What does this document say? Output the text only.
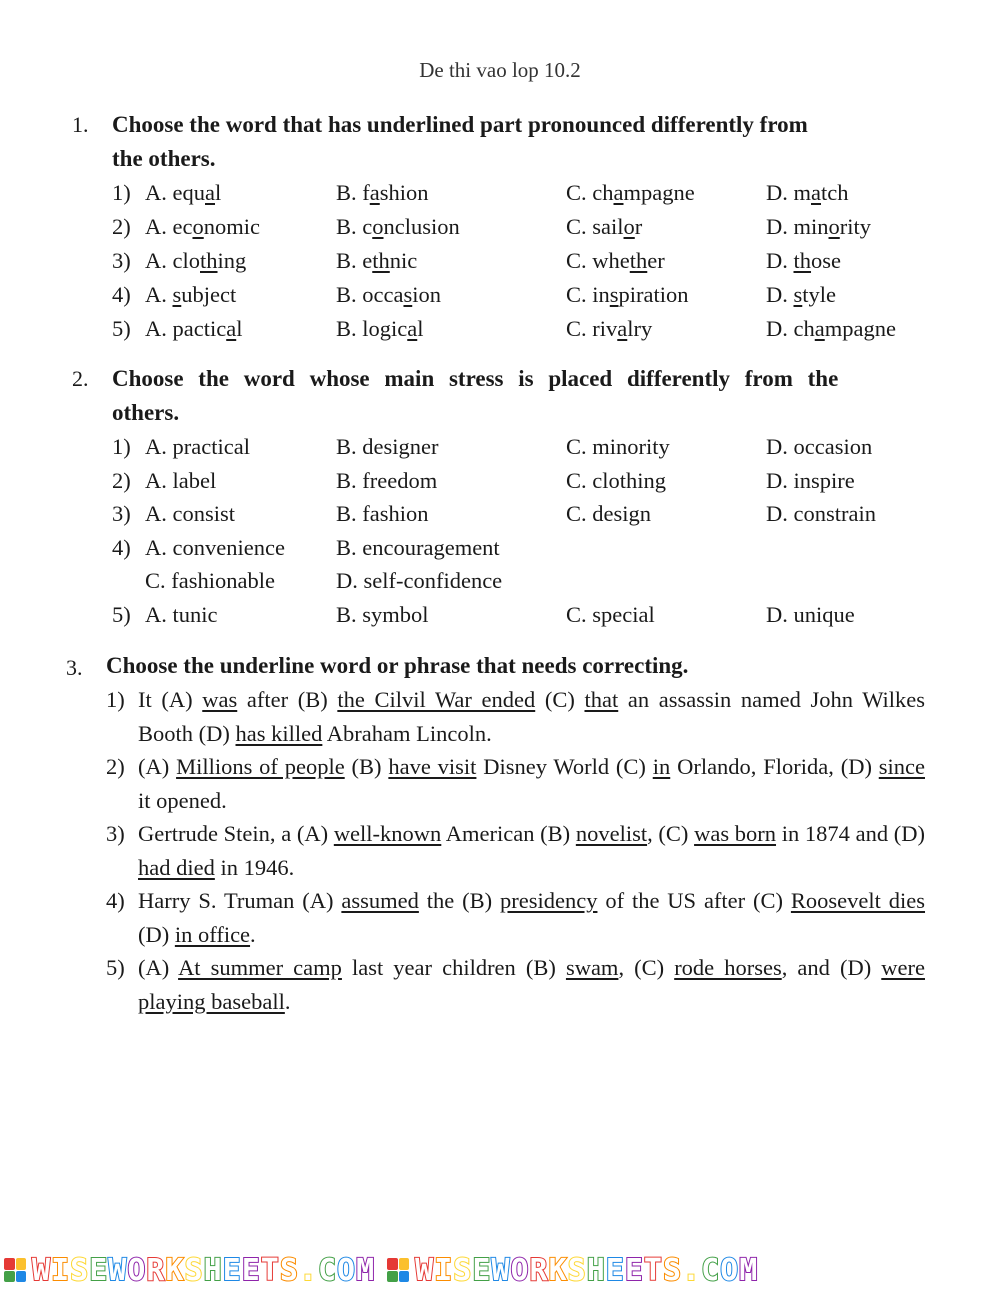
De thi vao lop 10.2
1. Choose the word that has underlined part pronounced differently from
the others.
1) A. equal	B. fashion	C. champagne	D. match
2) A. economic	B. conclusion	C. sailor	D. minority
3) A. clothing	B. ethnic	C. whether	D. those
4) A. subject	B. occasion	C. inspiration	D. style
5) A. pactical	B. logical	C. rivalry	D. champagne
2. Choose the word whose main stress is placed differently from the
others.
1) A. practical	B. designer	C. minority	D. occasion
2) A. label	B. freedom	C. clothing	D. inspire
3) A. consist	B. fashion	C. design	D. constrain
4) A. convenience B. encouragement
C. fashionable	D. self-confidence
5) A. tunic	B. symbol	C. special	D. unique
3. Choose the underline word or phrase that needs correcting.
1) It (A) was after (B) the Cilvil War ended (C) that an assassin named John Wilkes Booth (D) has killed Abraham Lincoln.
2) (A) Millions of people (B) have visit Disney World (C) in Orlando, Florida, (D) since it opened.
3) Gertrude Stein, a (A) well-known American (B) novelist, (C) was born in 1874 and (D) had died in 1946.
4) Harry S. Truman (A) assumed the (B) presidency of the US after (C) Roosevelt dies (D) in office.
5) (A) At summer camp last year children (B) swam, (C) rode horses, and (D) were playing baseball.
WISEWORKSHEETS.COM WISEWORKSHEETS.COM
